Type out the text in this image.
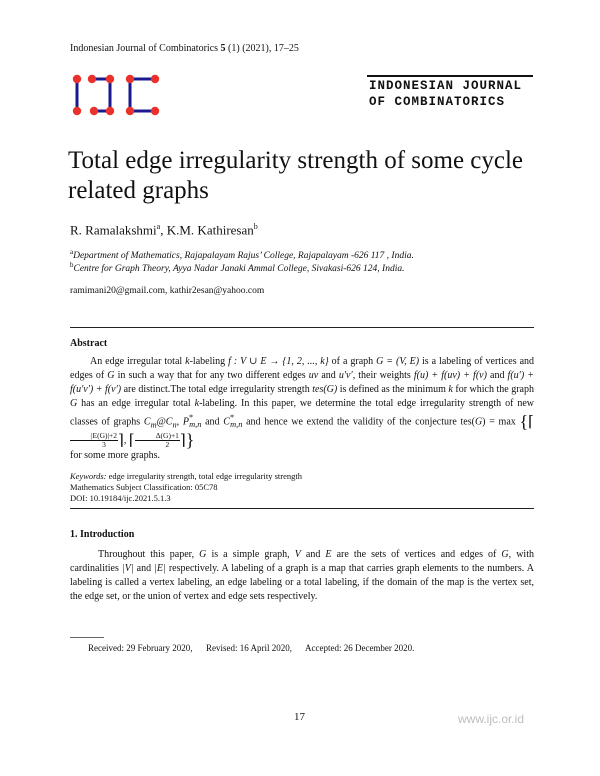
Indonesian Journal of Combinatorics 5 (1) (2021), 17–25
INDONESIAN JOURNAL
OF COMBINATORICS
Total edge irregularity strength of some cycle related graphs
R. Ramalakshmi$^a$, K.M. Kathiresan$^b$
$^a$Department of Mathematics, Rajapalayam Rajus’ College, Rajapalayam -626 117 , India.
$^b$Centre for Graph Theory, Ayya Nadar Janaki Ammal College, Sivakasi-626 124, India.
ramimani20@gmail.com, kathir2esan@yahoo.com
Abstract

An edge irregular total k-labeling f : V ∪ E → {1, 2, ..., k} of a graph G = (V, E) is a labeling of vertices and edges of G in such a way that for any two different edges uv and u′v′, their weights f(u) + f(uv) + f(v) and f(u′) + f(u′v′) + f(v′) are distinct.The total edge irregularity strength tes(G) is defined as the minimum k for which the graph G has an edge irregular total k-labeling. In this paper, we determine the total edge irregularity strength of new classes of graphs $C_m@C_n$, $P^*_{m,n}$ and $C^*_{m,n}$ and hence we extend the validity of the conjecture tes(G) = max {⌈
$\frac{|E(G)|+2}{3}$ ⌉, ⌈ $\frac{\Delta(G)+1}{2}$ ⌉}

for some more graphs.
Keywords: edge irregularity strength, total edge irregularity strength
Mathematics Subject Classification: 05C78
DOI: 10.19184/ijc.2021.5.1.3
1. Introduction

Throughout this paper, G is a simple graph, V and E are the sets of vertices and edges of G, with cardinalities |V| and |E| respectively. A labeling of a graph is a map that carries graph elements to the numbers. A labeling is called a vertex labeling, an edge labeling or a total labeling, if the domain of the map is the vertex set, the edge set, or the union of vertex and edge sets respectively.

Received: 29 February 2020,      Revised: 16 April 2020,      Accepted: 26 December 2020.
17	www.ijc.or.id
